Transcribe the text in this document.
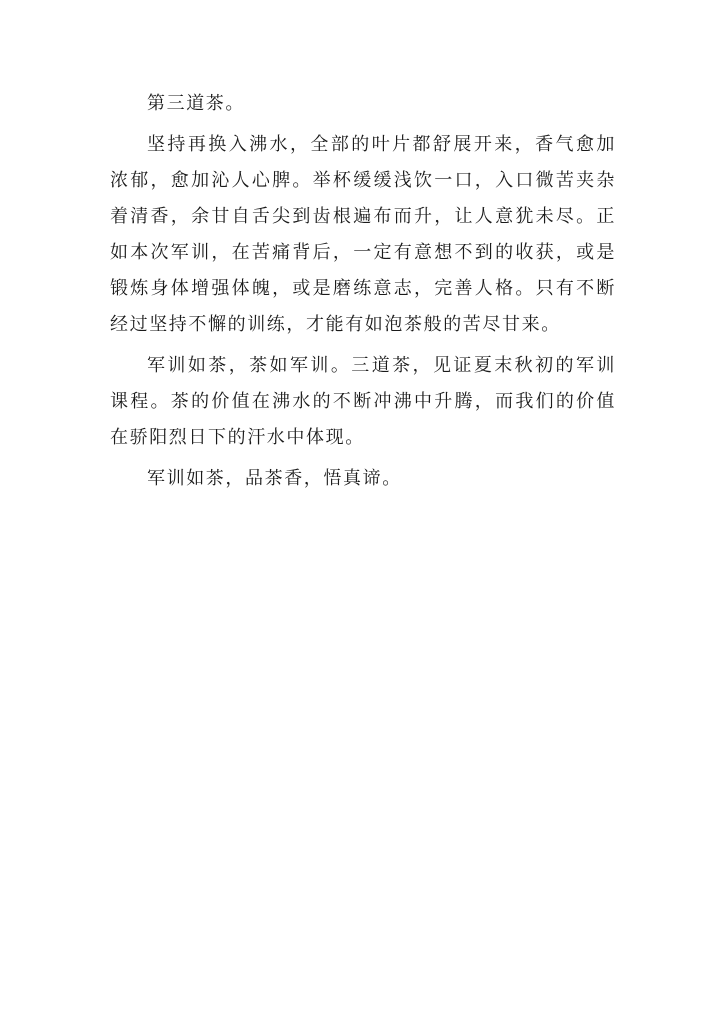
第三道茶。

坚持再换入沸水，全部的叶片都舒展开来，香气愈加浓郁，愈加沁人心脾。举杯缓缓浅饮一口，入口微苦夹杂着清香，余甘自舌尖到齿根遍布而升，让人意犹未尽。正如本次军训，在苦痛背后，一定有意想不到的收获，或是锻炼身体增强体魄，或是磨练意志，完善人格。只有不断经过坚持不懈的训练，才能有如泡茶般的苦尽甘来。

军训如茶，茶如军训。三道茶，见证夏末秋初的军训课程。茶的价值在沸水的不断冲沸中升腾，而我们的价值在骄阳烈日下的汗水中体现。

军训如茶，品茶香，悟真谛。
